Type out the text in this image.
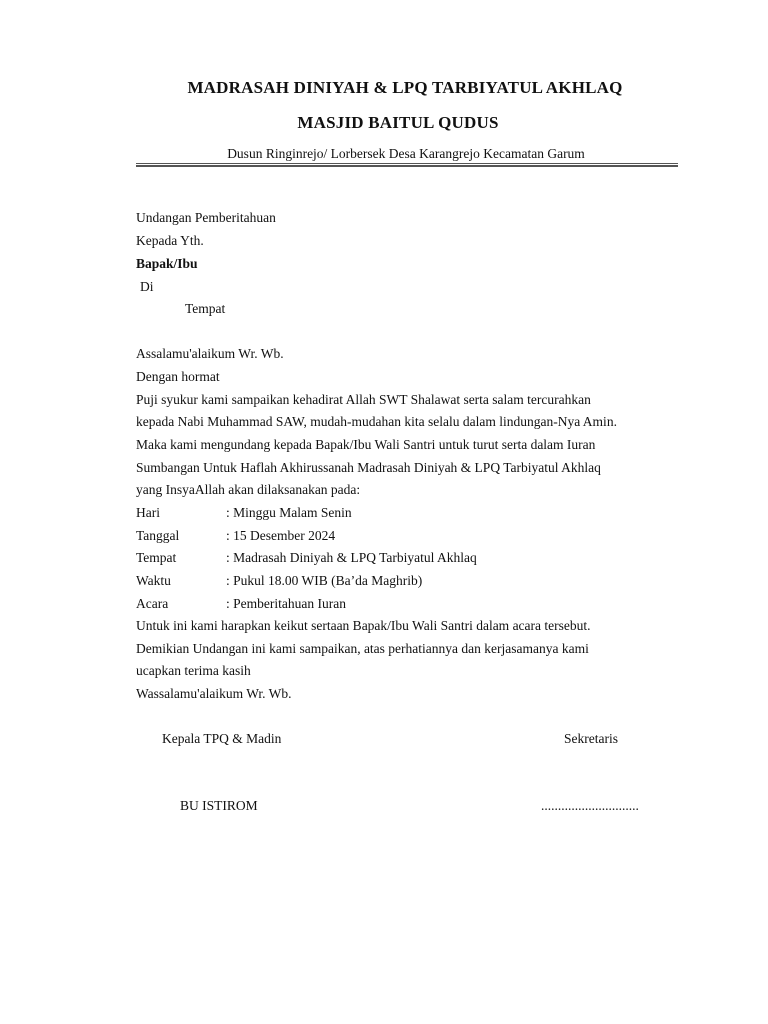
MADRASAH DINIYAH & LPQ TARBIYATUL AKHLAQ
MASJID BAITUL QUDUS
Dusun Ringinrejo/ Lorbersek Desa Karangrejo Kecamatan Garum
Undangan Pemberitahuan
Kepada Yth.
Bapak/Ibu
Di
Tempat
Assalamu'alaikum Wr. Wb.
Dengan hormat
Puji syukur kami sampaikan kehadirat Allah SWT Shalawat serta salam tercurahkan
kepada Nabi Muhammad SAW, mudah-mudahan kita selalu dalam lindungan-Nya Amin.
Maka kami mengundang kepada Bapak/Ibu Wali Santri untuk turut serta dalam Iuran
Sumbangan Untuk Haflah Akhirussanah Madrasah Diniyah & LPQ Tarbiyatul Akhlaq
yang InsyaAllah akan dilaksanakan pada:
Hari	: Minggu Malam Senin
Tanggal	: 15 Desember 2024
Tempat	: Madrasah Diniyah & LPQ Tarbiyatul Akhlaq
Waktu	: Pukul 18.00 WIB (Ba’da Maghrib)
Acara	: Pemberitahuan Iuran
Untuk ini kami harapkan keikut sertaan Bapak/Ibu Wali Santri dalam acara tersebut.
Demikian Undangan ini kami sampaikan, atas perhatiannya dan kerjasamanya kami
ucapkan terima kasih
Wassalamu'alaikum Wr. Wb.
Kepala TPQ & Madin	Sekretaris
BU ISTIROM	.............................
